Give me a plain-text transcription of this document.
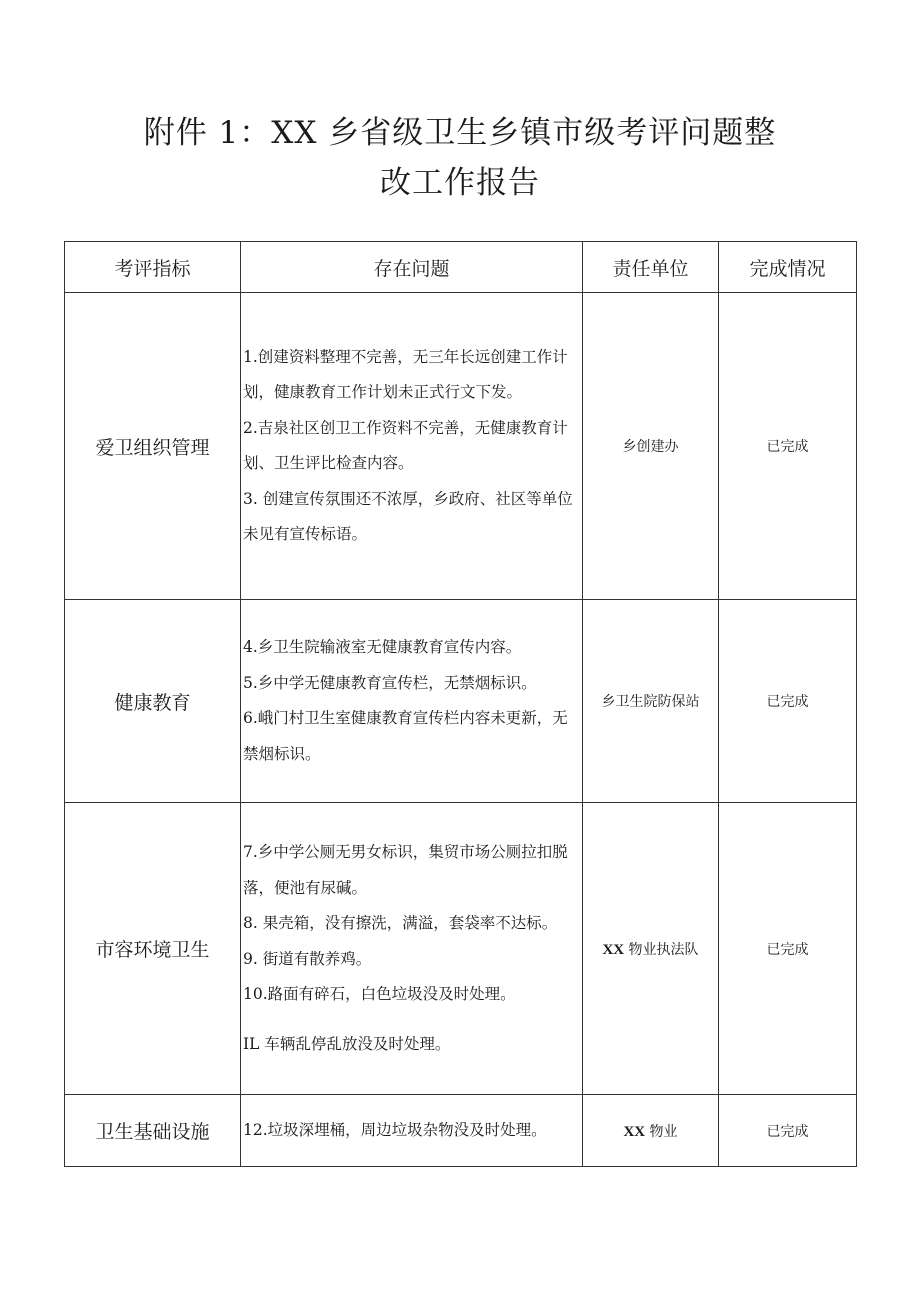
附件 1：XX 乡省级卫生乡镇市级考评问题整
改工作报告
考评指标	存在问题	责任单位	完成情况
爱卫组织管理	1.创建资料整理不完善，无三年长远创建工作计划，健康教育工作计划未正式行文下发。

2.吉泉社区创卫工作资料不完善，无健康教育计划、卫生评比检查内容。

3. 创建宣传氛围还不浓厚，乡政府、社区等单位未见有宣传标语。	乡创建办	已完成
健康教育	4.乡卫生院输液室无健康教育宣传内容。

5.乡中学无健康教育宣传栏，无禁烟标识。

6.峨门村卫生室健康教育宣传栏内容未更新，无禁烟标识。	乡卫生院防保站	已完成
市容环境卫生	7.乡中学公厕无男女标识，集贸市场公厕拉扣脱落，便池有尿碱。

8. 果壳箱，没有擦洗，满溢，套袋率不达标。

9. 街道有散养鸡。

10.路面有碎石，白色垃圾没及时处理。

IL 车辆乱停乱放没及时处理。	XX 物业执法队	已完成
卫生基础设施	12.垃圾深埋桶，周边垃圾杂物没及时处理。	XX 物业	已完成
